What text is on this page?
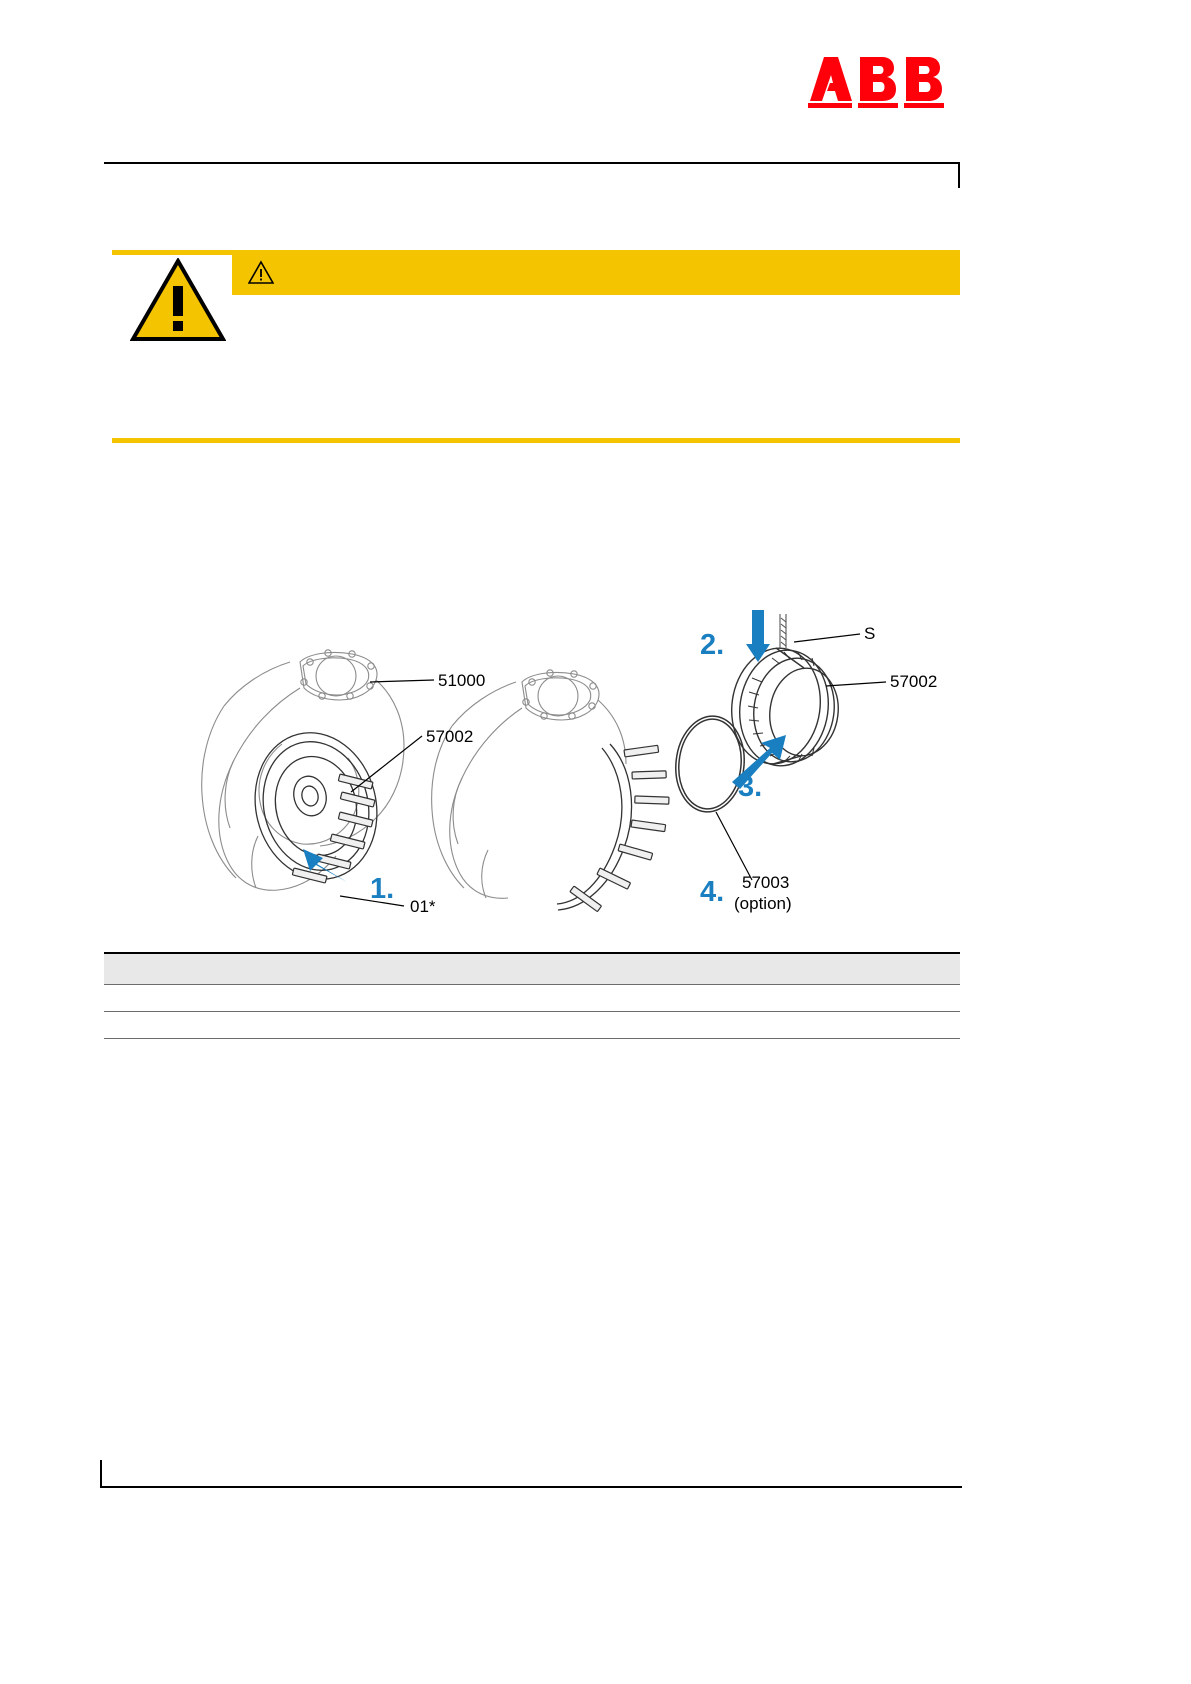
51000
57002
01*
S
57002
57003
(option)
1.
2.
3.
4.
